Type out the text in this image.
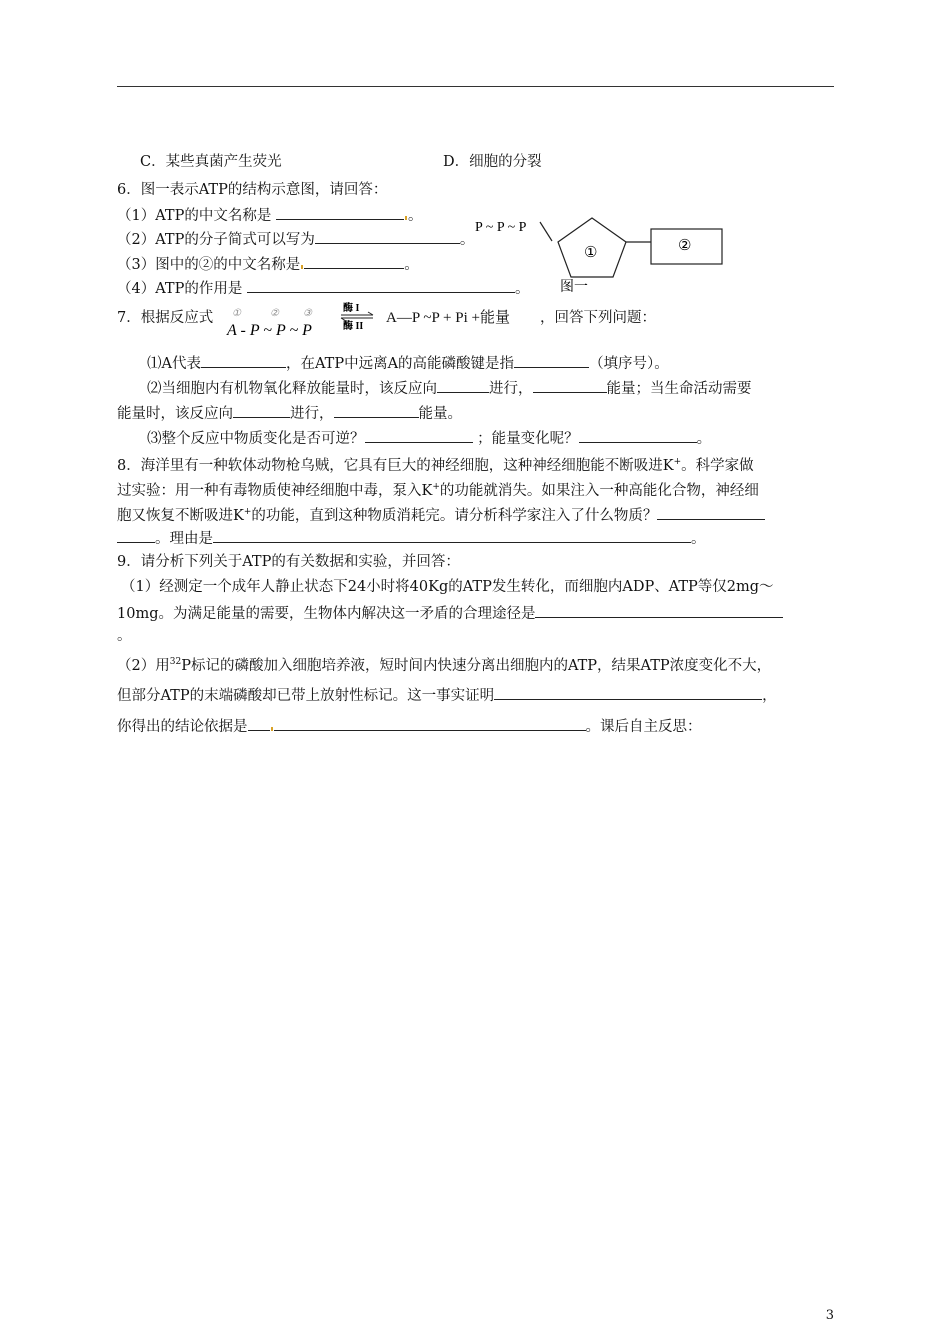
C．某些真菌产生荧光	D．细胞的分裂
6．图一表示ATP的结构示意图，请回答：
（1）ATP的中文名称是	。
（2）ATP的分子简式可以写为	。
（3）图中的②的中文名称是	。
（4）ATP的作用是	。
P ~ P ~ P
①	②
图一
7．根据反应式 ①	② ③
A - P ~ P ~ P
酶 I
酶 II
A—P ~P + Pi +能量 ，回答下列问题：
⑴A代表	，在ATP中远离A的高能磷酸键是指	（填序号）。
⑵当细胞内有机物氧化释放能量时，该反应向	进行，	能量；当生命活动需要
能量时，该反应向	进行，	能量。
⑶整个反应中物质变化是否可逆？	；能量变化呢？	。
8．海洋里有一种软体动物枪乌贼，它具有巨大的神经细胞，这种神经细胞能不断吸进K+。科学家做
过实验：用一种有毒物质使神经细胞中毒，泵入K+的功能就消失。如果注入一种高能化合物，神经细
胞又恢复不断吸进K+的功能，直到这种物质消耗完。请分析科学家注入了什么物质？
。理由是	。
9．请分析下列关于ATP的有关数据和实验，并回答：
（1）经测定一个成年人静止状态下24小时将40Kg的ATP发生转化，而细胞内ADP、ATP等仅2mg～
10mg。为满足能量的需要，生物体内解决这一矛盾的合理途径是
。
（2）用$^{32}$P标记的磷酸加入细胞培养液，短时间内快速分离出细胞内的ATP，结果ATP浓度变化不大，
但部分ATP的末端磷酸却已带上放射性标记。这一事实证明	，
你得出的结论依据是	。课后自主反思：
3
